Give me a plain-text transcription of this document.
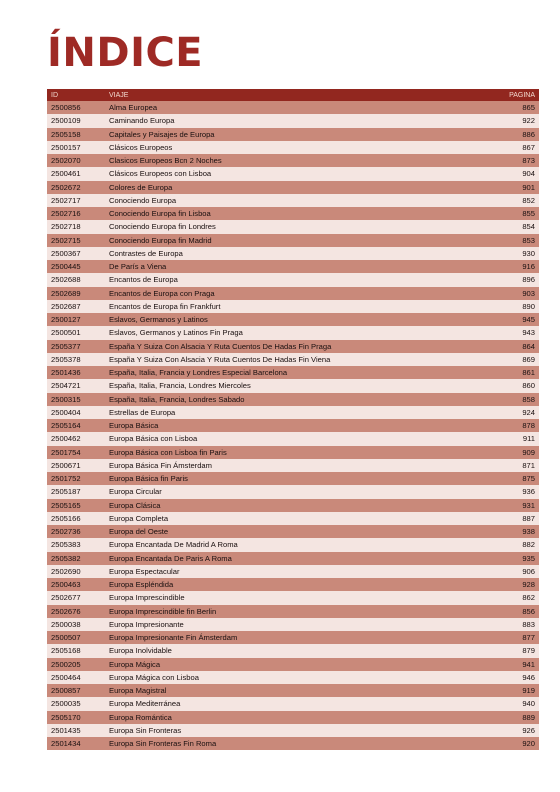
ÍNDICE
ID	VIAJE	PAGINA
2500856	Alma Europea	865
2500109	Caminando Europa	922
2505158	Capitales y Paisajes de Europa	886
2500157	Clásicos Europeos	867
2502070	Clasicos Europeos Bcn 2 Noches	873
2500461	Clásicos Europeos con Lisboa	904
2502672	Colores de Europa	901
2502717	Conociendo Europa	852
2502716	Conociendo Europa fin Lisboa	855
2502718	Conociendo Europa fin Londres	854
2502715	Conociendo Europa fin Madrid	853
2500367	Contrastes de Europa	930
2500445	De París a Viena	916
2502688	Encantos de Europa	896
2502689	Encantos de Europa con Praga	903
2502687	Encantos de Europa fin Frankfurt	890
2500127	Eslavos, Germanos y Latinos	945
2500501	Eslavos, Germanos y Latinos Fin Praga	943
2505377	España Y Suiza Con Alsacia Y Ruta Cuentos De Hadas Fin Praga	864
2505378	España Y Suiza Con Alsacia Y Ruta Cuentos De Hadas Fin Viena	869
2501436	España, Italia, Francia y Londres Especial Barcelona	861
2504721	España, Italia, Francia, Londres Miercoles	860
2500315	España, Italia, Francia, Londres Sabado	858
2500404	Estrellas de Europa	924
2505164	Europa Básica	878
2500462	Europa Básica con Lisboa	911
2501754	Europa Básica con Lisboa fin Paris	909
2500671	Europa Básica Fin Ámsterdam	871
2501752	Europa Básica fin Paris	875
2505187	Europa Circular	936
2505165	Europa Clásica	931
2505166	Europa Completa	887
2502736	Europa del Oeste	938
2505383	Europa Encantada De Madrid A Roma	882
2505382	Europa Encantada De Paris A Roma	935
2502690	Europa Espectacular	906
2500463	Europa Espléndida	928
2502677	Europa Imprescindible	862
2502676	Europa Imprescindible fin Berlin	856
2500038	Europa Impresionante	883
2500507	Europa Impresionante Fin Ámsterdam	877
2505168	Europa Inolvidable	879
2500205	Europa Mágica	941
2500464	Europa Mágica con Lisboa	946
2500857	Europa Magistral	919
2500035	Europa Mediterránea	940
2505170	Europa Romántica	889
2501435	Europa Sin Fronteras	926
2501434	Europa Sin Fronteras Fin Roma	920
